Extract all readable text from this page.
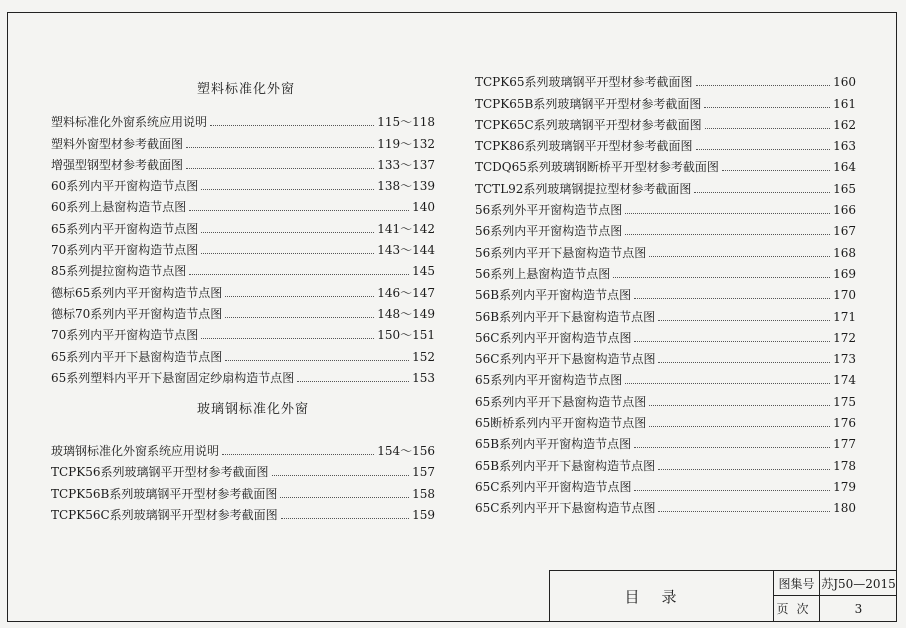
塑料标准化外窗
玻璃钢标准化外窗
塑料标准化外窗系统应用说明	115～118
塑料外窗型材参考截面图	119～132
增强型钢型材参考截面图	133～137
60系列内平开窗构造节点图	138～139
60系列上悬窗构造节点图	140
65系列内平开窗构造节点图	141～142
70系列内平开窗构造节点图	143～144
85系列提拉窗构造节点图	145
德标65系列内平开窗构造节点图	146～147
德标70系列内平开窗构造节点图	148～149
70系列内平开窗构造节点图	150～151
65系列内平开下悬窗构造节点图	152
65系列塑料内平开下悬窗固定纱扇构造节点图	153
玻璃钢标准化外窗系统应用说明	154～156
TCPK56系列玻璃钢平开型材参考截面图	157
TCPK56B系列玻璃钢平开型材参考截面图	158
TCPK56C系列玻璃钢平开型材参考截面图	159
TCPK65系列玻璃钢平开型材参考截面图	160
TCPK65B系列玻璃钢平开型材参考截面图	161
TCPK65C系列玻璃钢平开型材参考截面图	162
TCPK86系列玻璃钢平开型材参考截面图	163
TCDQ65系列玻璃钢断桥平开型材参考截面图	164
TCTL92系列玻璃钢提拉型材参考截面图	165
56系列外平开窗构造节点图	166
56系列内平开窗构造节点图	167
56系列内平开下悬窗构造节点图	168
56系列上悬窗构造节点图	169
56B系列内平开窗构造节点图	170
56B系列内平开下悬窗构造节点图	171
56C系列内平开窗构造节点图	172
56C系列内平开下悬窗构造节点图	173
65系列内平开窗构造节点图	174
65系列内平开下悬窗构造节点图	175
65断桥系列内平开窗构造节点图	176
65B系列内平开窗构造节点图	177
65B系列内平开下悬窗构造节点图	178
65C系列内平开窗构造节点图	179
65C系列内平开下悬窗构造节点图	180
目录
图集号 苏J50—2015
页次	3
